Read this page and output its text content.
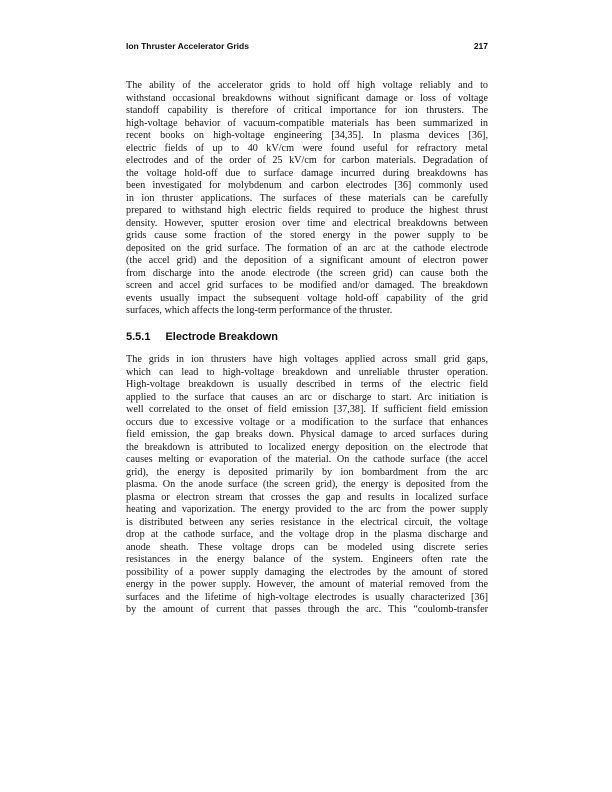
Ion Thruster Accelerator Grids	217
The ability of the accelerator grids to hold off high voltage reliably and to
withstand occasional breakdowns without significant damage or loss of voltage
standoff capability is therefore of critical importance for ion thrusters. The
high-voltage behavior of vacuum-compatible materials has been summarized in
recent books on high-voltage engineering [34,35]. In plasma devices [36],
electric fields of up to 40 kV/cm were found useful for refractory metal
electrodes and of the order of 25 kV/cm for carbon materials. Degradation of
the voltage hold-off due to surface damage incurred during breakdowns has
been investigated for molybdenum and carbon electrodes [36] commonly used
in ion thruster applications. The surfaces of these materials can be carefully
prepared to withstand high electric fields required to produce the highest thrust
density. However, sputter erosion over time and electrical breakdowns between
grids cause some fraction of the stored energy in the power supply to be
deposited on the grid surface. The formation of an arc at the cathode electrode
(the accel grid) and the deposition of a significant amount of electron power
from discharge into the anode electrode (the screen grid) can cause both the
screen and accel grid surfaces to be modified and/or damaged. The breakdown
events usually impact the subsequent voltage hold-off capability of the grid
surfaces, which affects the long-term performance of the thruster.
5.5.1 Electrode Breakdown
The grids in ion thrusters have high voltages applied across small grid gaps,
which can lead to high-voltage breakdown and unreliable thruster operation.
High-voltage breakdown is usually described in terms of the electric field
applied to the surface that causes an arc or discharge to start. Arc initiation is
well correlated to the onset of field emission [37,38]. If sufficient field emission
occurs due to excessive voltage or a modification to the surface that enhances
field emission, the gap breaks down. Physical damage to arced surfaces during
the breakdown is attributed to localized energy deposition on the electrode that
causes melting or evaporation of the material. On the cathode surface (the accel
grid), the energy is deposited primarily by ion bombardment from the arc
plasma. On the anode surface (the screen grid), the energy is deposited from the
plasma or electron stream that crosses the gap and results in localized surface
heating and vaporization. The energy provided to the arc from the power supply
is distributed between any series resistance in the electrical circuit, the voltage
drop at the cathode surface, and the voltage drop in the plasma discharge and
anode sheath. These voltage drops can be modeled using discrete series
resistances in the energy balance of the system. Engineers often rate the
possibility of a power supply damaging the electrodes by the amount of stored
energy in the power supply. However, the amount of material removed from the
surfaces and the lifetime of high-voltage electrodes is usually characterized [36]
by the amount of current that passes through the arc. This “coulomb-transfer
